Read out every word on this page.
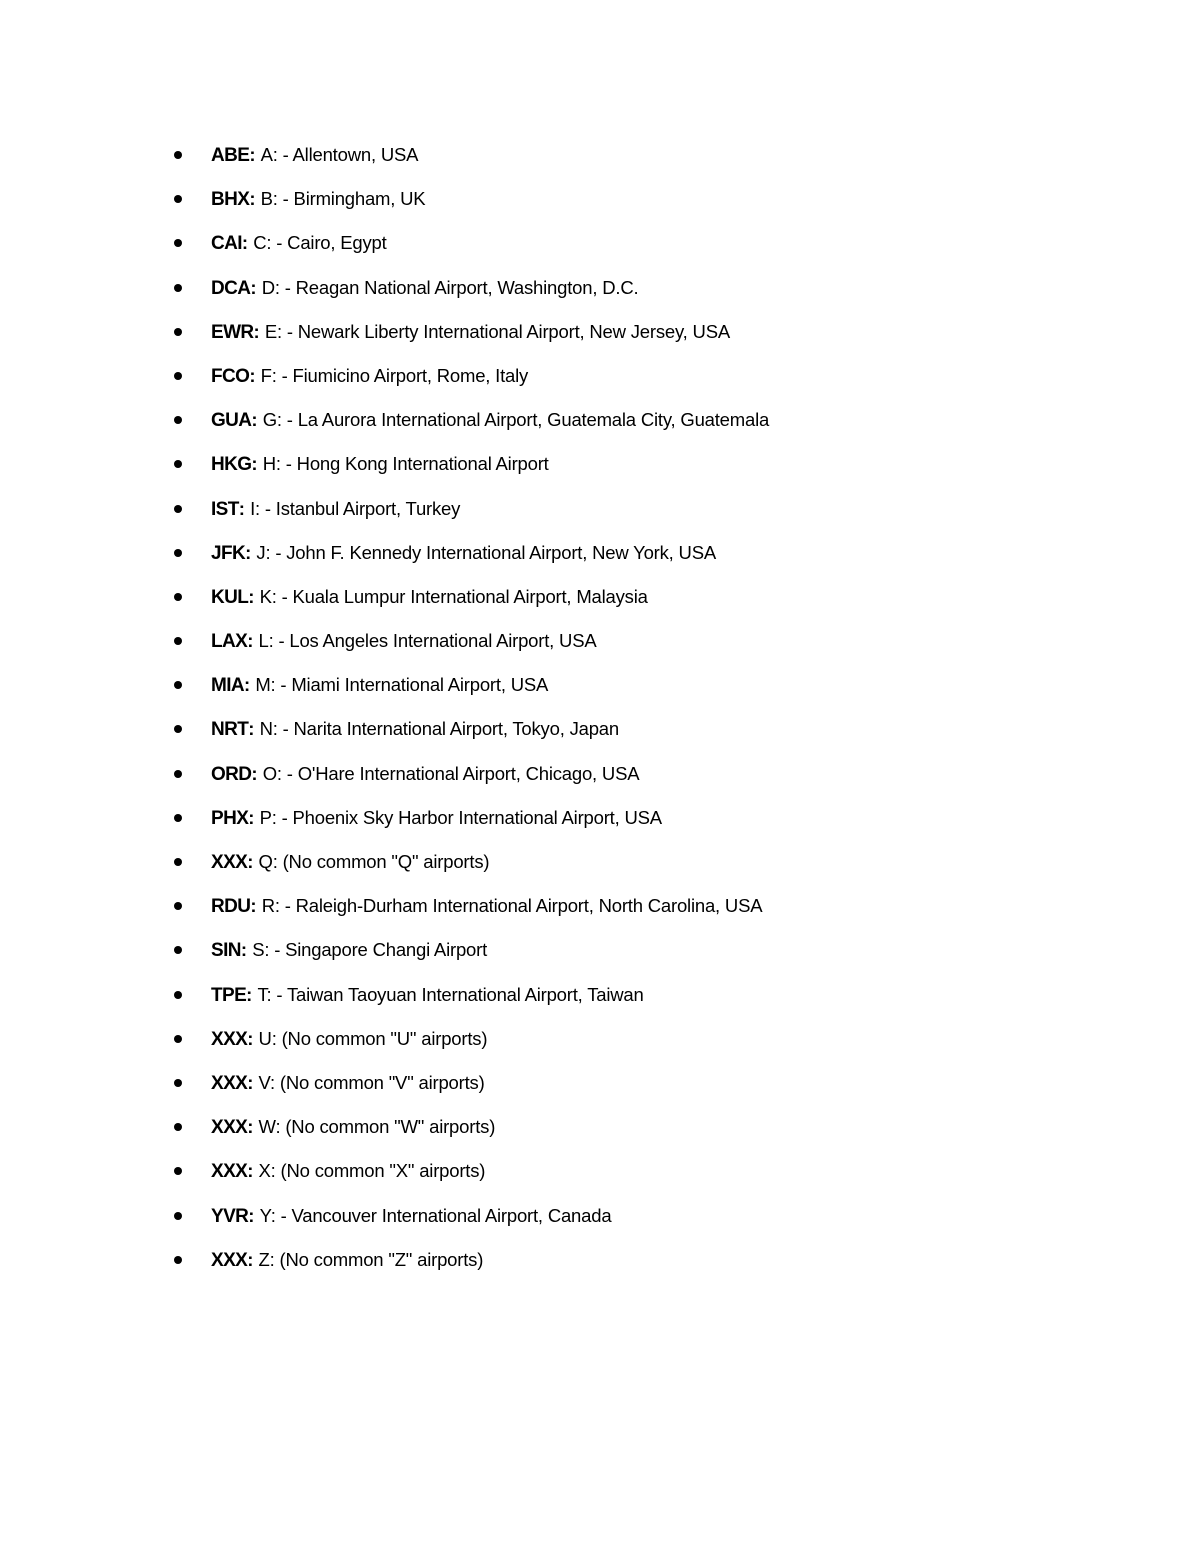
ABE: A: - Allentown, USA
BHX: B: - Birmingham, UK
CAI: C: - Cairo, Egypt
DCA: D: - Reagan National Airport, Washington, D.C.
EWR: E: - Newark Liberty International Airport, New Jersey, USA
FCO: F: - Fiumicino Airport, Rome, Italy
GUA: G: - La Aurora International Airport, Guatemala City, Guatemala
HKG: H: - Hong Kong International Airport
IST: I: - Istanbul Airport, Turkey
JFK: J: - John F. Kennedy International Airport, New York, USA
KUL: K: - Kuala Lumpur International Airport, Malaysia
LAX: L: - Los Angeles International Airport, USA
MIA: M: - Miami International Airport, USA
NRT: N: - Narita International Airport, Tokyo, Japan
ORD: O: - O'Hare International Airport, Chicago, USA
PHX: P: - Phoenix Sky Harbor International Airport, USA
XXX: Q: (No common "Q" airports)
RDU: R: - Raleigh-Durham International Airport, North Carolina, USA
SIN: S: - Singapore Changi Airport
TPE: T: - Taiwan Taoyuan International Airport, Taiwan
XXX: U: (No common "U" airports)
XXX: V: (No common "V" airports)
XXX: W: (No common "W" airports)
XXX: X: (No common "X" airports)
YVR: Y: - Vancouver International Airport, Canada
XXX: Z: (No common "Z" airports)
